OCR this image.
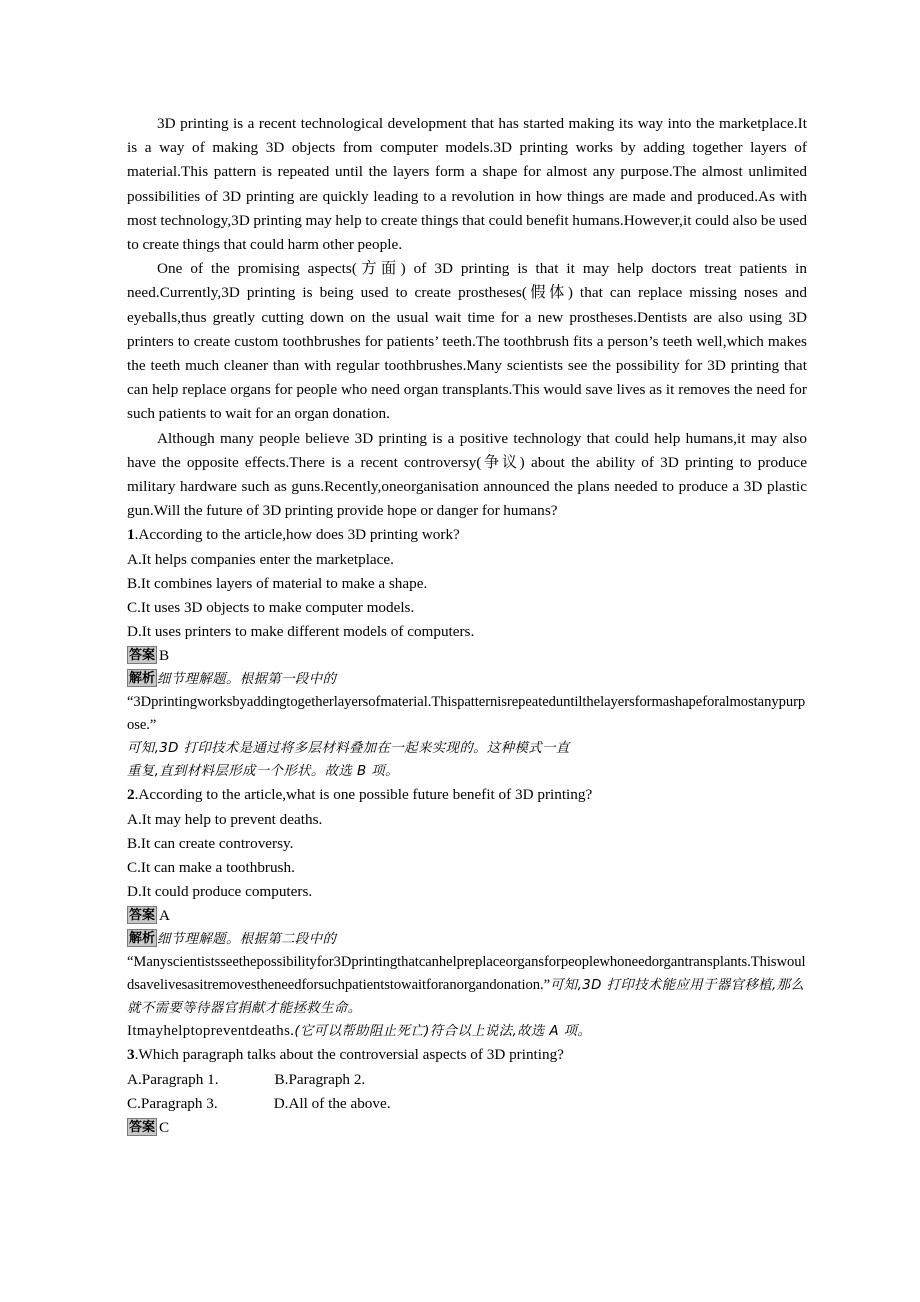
3D printing is a recent technological development that has started making its way into the marketplace.It is a way of making 3D objects from computer models.3D printing works by adding together layers of material.This pattern is repeated until the layers form a shape for almost any purpose.The almost unlimited possibilities of 3D printing are quickly leading to a revolution in how things are made and produced.As with most technology,3D printing may help to create things that could benefit humans.However,it could also be used to create things that could harm other people.

One of the promising aspects(方面) of 3D printing is that it may help doctors treat patients in need.Currently,3D printing is being used to create prostheses(假体) that can replace missing noses and eyeballs,thus greatly cutting down on the usual wait time for a new prostheses.Dentists are also using 3D printers to create custom toothbrushes for patients’ teeth.The toothbrush fits a person’s teeth well,which makes the teeth much cleaner than with regular toothbrushes.Many scientists see the possibility for 3D printing that can help replace organs for people who need organ transplants.This would save lives as it removes the need for such patients to wait for an organ donation.

Although many people believe 3D printing is a positive technology that could help humans,it may also have the opposite effects.There is a recent controversy(争议) about the ability of 3D printing to produce military hardware such as guns.Recently,oneorganisation announced the plans needed to produce a 3D plastic gun.Will the future of 3D printing provide hope or danger for humans?

1.According to the article,how does 3D printing work?

A.It helps companies enter the marketplace.

B.It combines layers of material to make a shape.

C.It uses 3D objects to make computer models.

D.It uses printers to make different models of computers.

答案 B

解析 细节理解题。根据第一段中的

“3Dprintingworksbyaddingtogetherlayersofmaterial.Thispatternisrepeateduntilthelayersformashapeforalmostanypurpose.”

可知,3D 打印技术是通过将多层材料叠加在一起来实现的。这种模式一直

重复,直到材料层形成一个形状。故选 B 项。

2.According to the article,what is one possible future benefit of 3D printing?

A.It may help to prevent deaths.

B.It can create controversy.

C.It can make a toothbrush.

D.It could produce computers.

答案 A

解析 细节理解题。根据第二段中的

“Manyscientistsseethepossibilityfor3Dprintingthatcanhelpreplaceorgansforpeoplewhoneedorgantransplants.Thiswouldsavelivesasitremovestheneedforsuchpatientstowaitforanorgandonation.”可知,3D 打印技术能应用于器官移植,那么就不需要等待器官捐献才能拯救生命。

Itmayhelptopreventdeaths.(它可以帮助阻止死亡)符合以上说法,故选 A 项。

3.Which paragraph talks about the controversial aspects of 3D printing?

A.Paragraph 1.	B.Paragraph 2.

C.Paragraph 3.	D.All of the above.

答案 C
